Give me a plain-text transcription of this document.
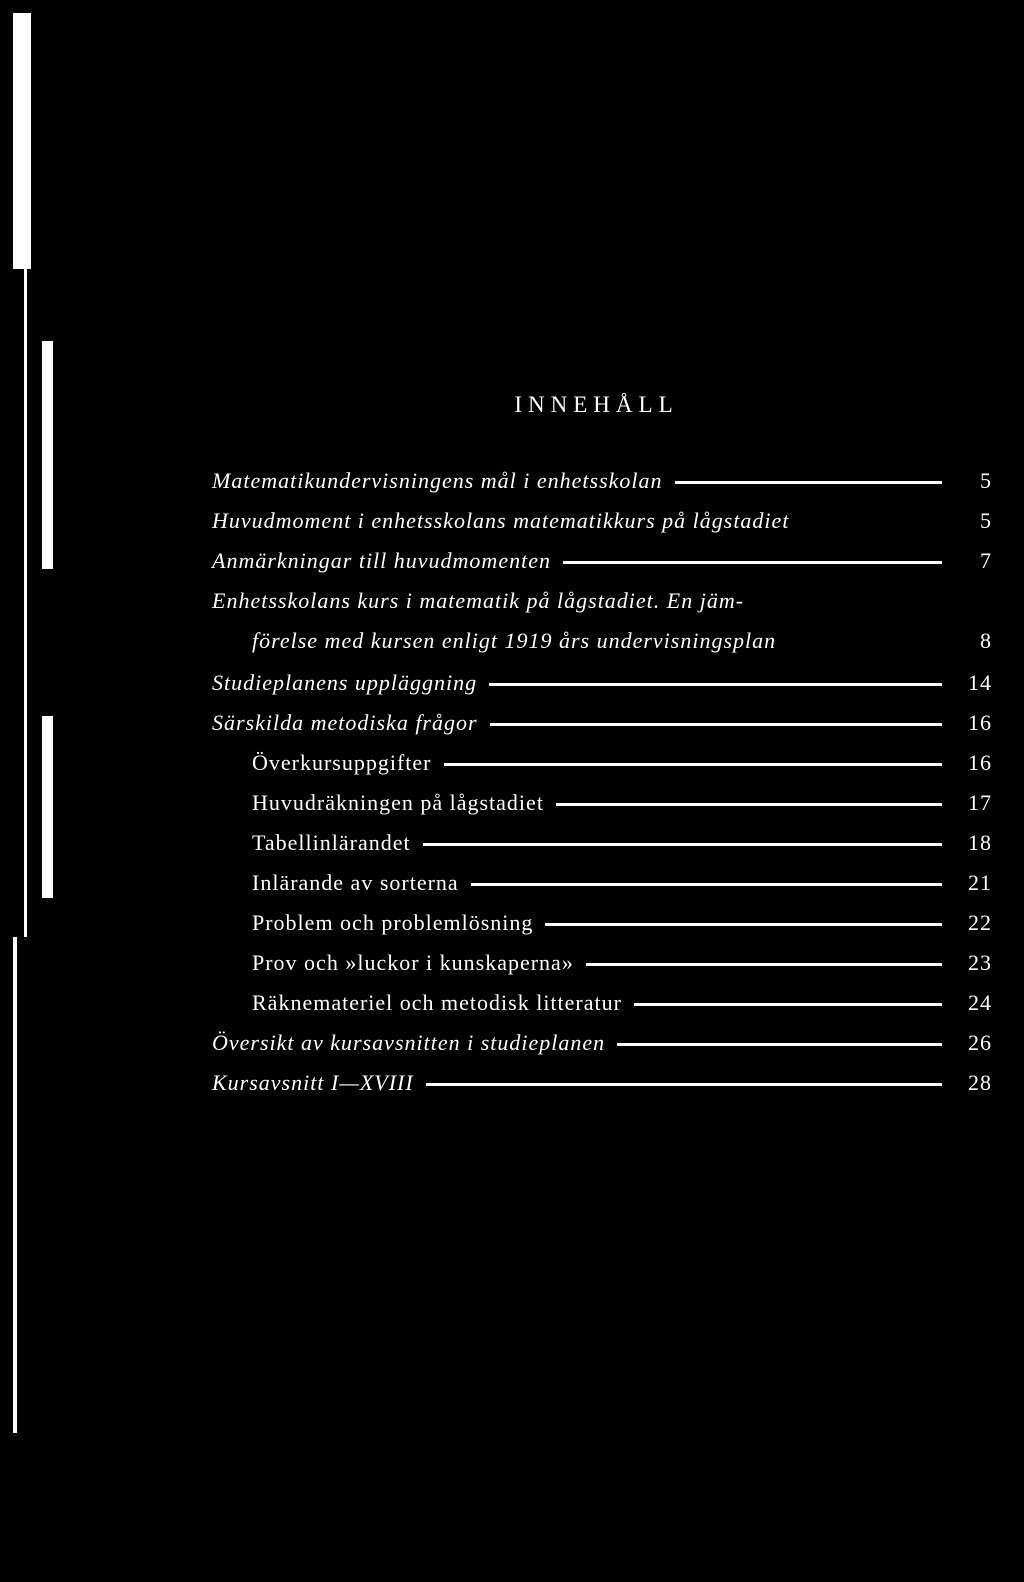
INNEHÅLL
Matematikundervisningens mål i enhetsskolan	5
Huvudmoment i enhetsskolans matematikkurs på lågstadiet	5
Anmärkningar till huvudmomenten	7
Enhetsskolans kurs i matematik på lågstadiet. En jäm-
förelse med kursen enligt 1919 års undervisningsplan	8
Studieplanens uppläggning	14
Särskilda metodiska frågor	16
Överkursuppgifter	16
Huvudräkningen på lågstadiet	17
Tabellinlärandet	18
Inlärande av sorterna	21
Problem och problemlösning	22
Prov och »luckor i kunskaperna»	23
Räknemateriel och metodisk litteratur	24
Översikt av kursavsnitten i studieplanen	26
Kursavsnitt I—XVIII	28
